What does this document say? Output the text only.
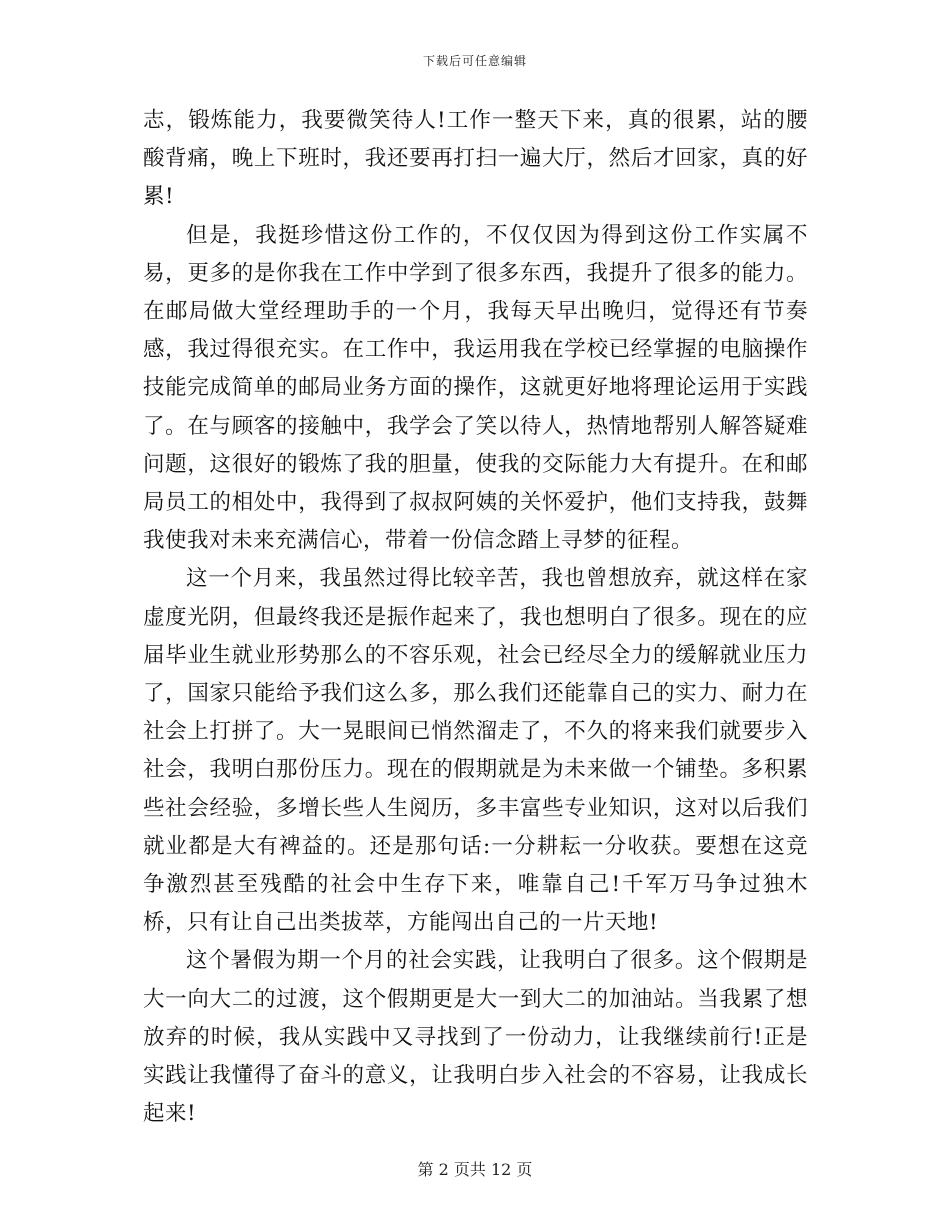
下载后可任意编辑

志，锻炼能力，我要微笑待人!工作一整天下来，真的很累，站的腰酸背痛，晚上下班时，我还要再打扫一遍大厅，然后才回家，真的好累!

但是，我挺珍惜这份工作的，不仅仅因为得到这份工作实属不易，更多的是你我在工作中学到了很多东西，我提升了很多的能力。在邮局做大堂经理助手的一个月，我每天早出晚归，觉得还有节奏感，我过得很充实。在工作中，我运用我在学校已经掌握的电脑操作技能完成简单的邮局业务方面的操作，这就更好地将理论运用于实践了。在与顾客的接触中，我学会了笑以待人，热情地帮别人解答疑难问题，这很好的锻炼了我的胆量，使我的交际能力大有提升。在和邮局员工的相处中，我得到了叔叔阿姨的关怀爱护，他们支持我，鼓舞我使我对未来充满信心，带着一份信念踏上寻梦的征程。

这一个月来，我虽然过得比较辛苦，我也曾想放弃，就这样在家虚度光阴，但最终我还是振作起来了，我也想明白了很多。现在的应届毕业生就业形势那么的不容乐观，社会已经尽全力的缓解就业压力了，国家只能给予我们这么多，那么我们还能靠自己的实力、耐力在社会上打拼了。大一晃眼间已悄然溜走了，不久的将来我们就要步入社会，我明白那份压力。现在的假期就是为未来做一个铺垫。多积累些社会经验，多增长些人生阅历，多丰富些专业知识，这对以后我们就业都是大有裨益的。还是那句话:一分耕耘一分收获。要想在这竞争激烈甚至残酷的社会中生存下来，唯靠自己!千军万马争过独木桥，只有让自己出类拔萃，方能闯出自己的一片天地!

这个暑假为期一个月的社会实践，让我明白了很多。这个假期是大一向大二的过渡，这个假期更是大一到大二的加油站。当我累了想放弃的时候，我从实践中又寻找到了一份动力，让我继续前行!正是实践让我懂得了奋斗的意义，让我明白步入社会的不容易，让我成长起来!

第 2 页共 12 页
